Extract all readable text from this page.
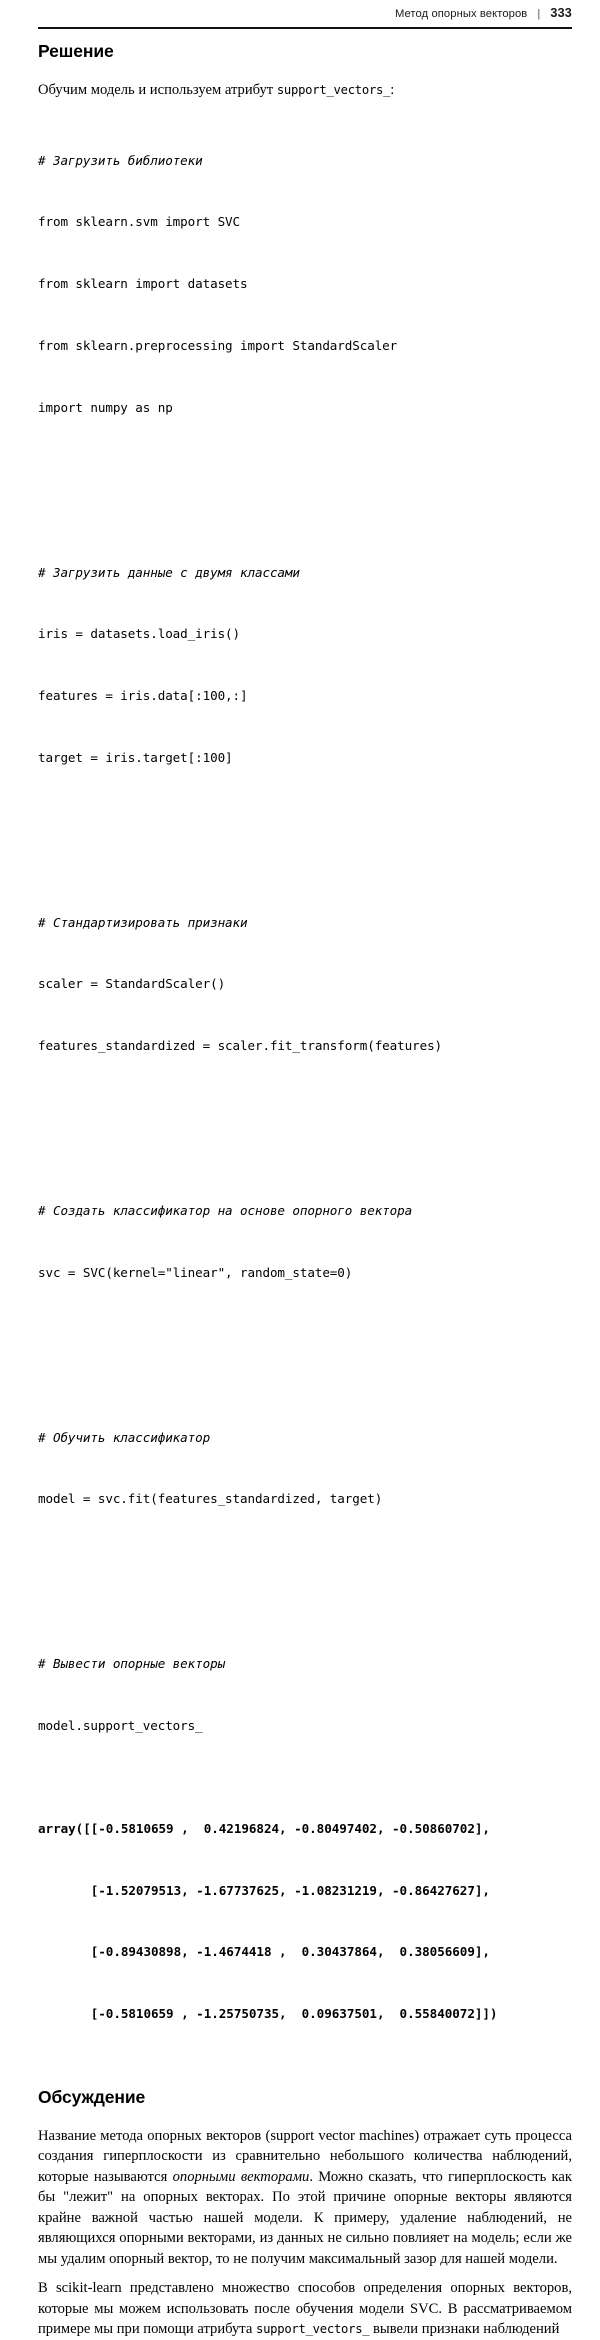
Метод опорных векторов | 333
Решение

Обучим модель и используем атрибут support_vectors_:

# Загрузить библиотеки

from sklearn.svm import SVC

from sklearn import datasets

from sklearn.preprocessing import StandardScaler

import numpy as np

# Загрузить данные с двумя классами

iris = datasets.load_iris()

features = iris.data[:100,:]

target = iris.target[:100]

# Стандартизировать признаки

scaler = StandardScaler()

features_standardized = scaler.fit_transform(features)

# Создать классификатор на основе опорного вектора

svc = SVC(kernel="linear", random_state=0)

# Обучить классификатор

model = svc.fit(features_standardized, target)

# Вывести опорные векторы

model.support_vectors_

array([[-0.5810659 ,  0.42196824, -0.80497402, -0.50860702],

[-1.52079513, -1.67737625, -1.08231219, -0.86427627],

[-0.89430898, -1.4674418 ,  0.30437864,  0.38056609],

[-0.5810659 , -1.25750735,  0.09637501,  0.55840072]])

Обсуждение

Название метода опорных векторов (support vector machines) отражает суть процесса создания гиперплоскости из сравнительно небольшого количества наблюдений, которые называются опорными векторами. Можно сказать, что гиперплоскость как бы "лежит" на опорных векторах. По этой причине опорные векторы являются крайне важной частью нашей модели. К примеру, удаление наблюдений, не являющихся опорными векторами, из данных не сильно повлияет на модель; если же мы удалим опорный вектор, то не получим максимальный зазор для нашей модели.

В scikit-learn представлено множество способов определения опорных векторов, которые мы можем использовать после обучения модели SVC. В рассматриваемом примере мы при помощи атрибута support_vectors_ вывели признаки наблюдений
